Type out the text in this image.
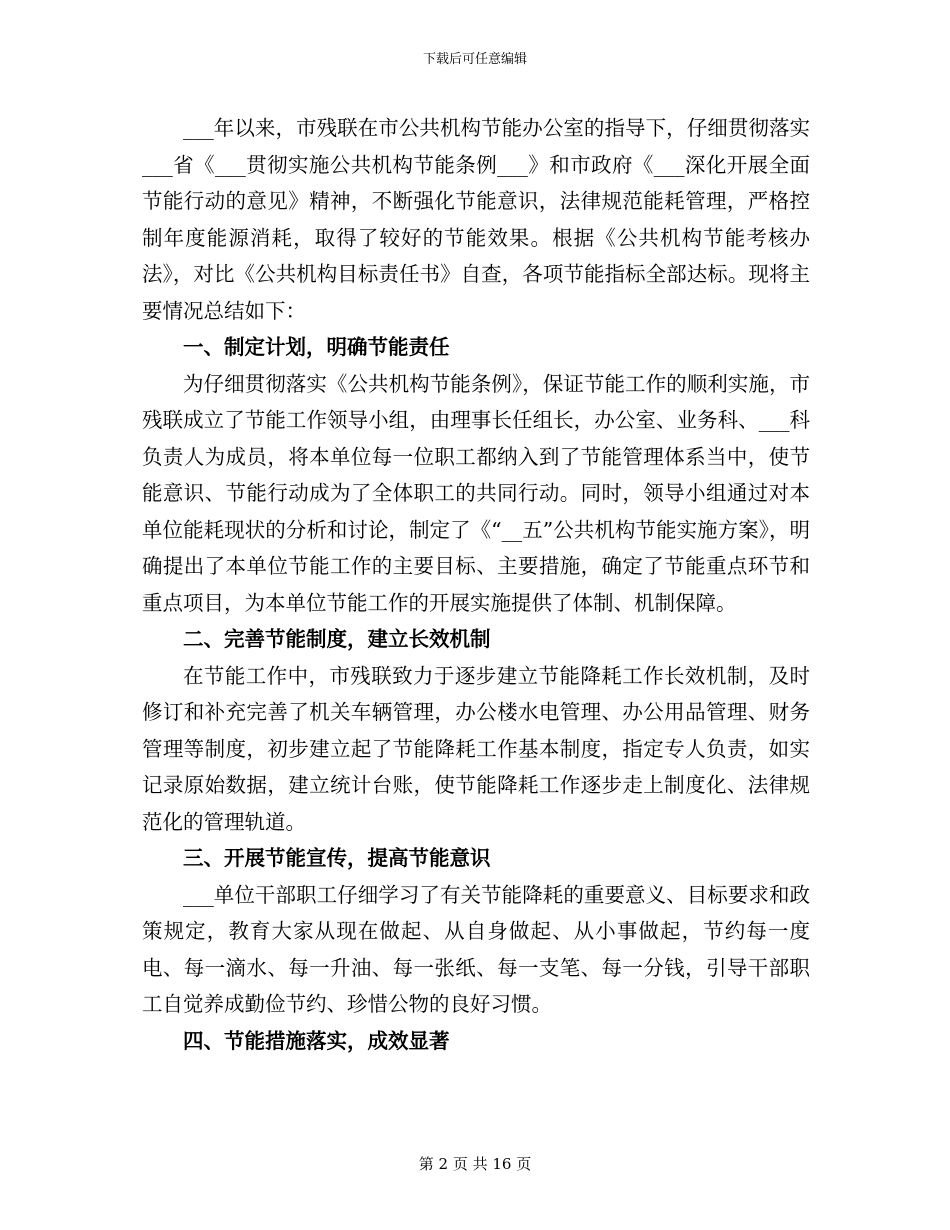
下载后可任意编辑

___年以来，市残联在市公共机构节能办公室的指导下，仔细贯彻落实___省《___贯彻实施公共机构节能条例___》和市政府《___深化开展全面节能行动的意见》精神，不断强化节能意识，法律规范能耗管理，严格控制年度能源消耗，取得了较好的节能效果。根据《公共机构节能考核办法》，对比《公共机构目标责任书》自查，各项节能指标全部达标。现将主要情况总结如下：

一、制定计划，明确节能责任

为仔细贯彻落实《公共机构节能条例》，保证节能工作的顺利实施，市残联成立了节能工作领导小组，由理事长任组长，办公室、业务科、___科负责人为成员，将本单位每一位职工都纳入到了节能管理体系当中，使节能意识、节能行动成为了全体职工的共同行动。同时，领导小组通过对本单位能耗现状的分析和讨论，制定了《“__五”公共机构节能实施方案》，明确提出了本单位节能工作的主要目标、主要措施，确定了节能重点环节和重点项目，为本单位节能工作的开展实施提供了体制、机制保障。

二、完善节能制度，建立长效机制

在节能工作中，市残联致力于逐步建立节能降耗工作长效机制，及时修订和补充完善了机关车辆管理，办公楼水电管理、办公用品管理、财务管理等制度，初步建立起了节能降耗工作基本制度，指定专人负责，如实记录原始数据，建立统计台账，使节能降耗工作逐步走上制度化、法律规范化的管理轨道。

三、开展节能宣传，提高节能意识

___单位干部职工仔细学习了有关节能降耗的重要意义、目标要求和政策规定，教育大家从现在做起、从自身做起、从小事做起，节约每一度电、每一滴水、每一升油、每一张纸、每一支笔、每一分钱，引导干部职工自觉养成勤俭节约、珍惜公物的良好习惯。

四、节能措施落实，成效显著
第 2 页 共 16 页
